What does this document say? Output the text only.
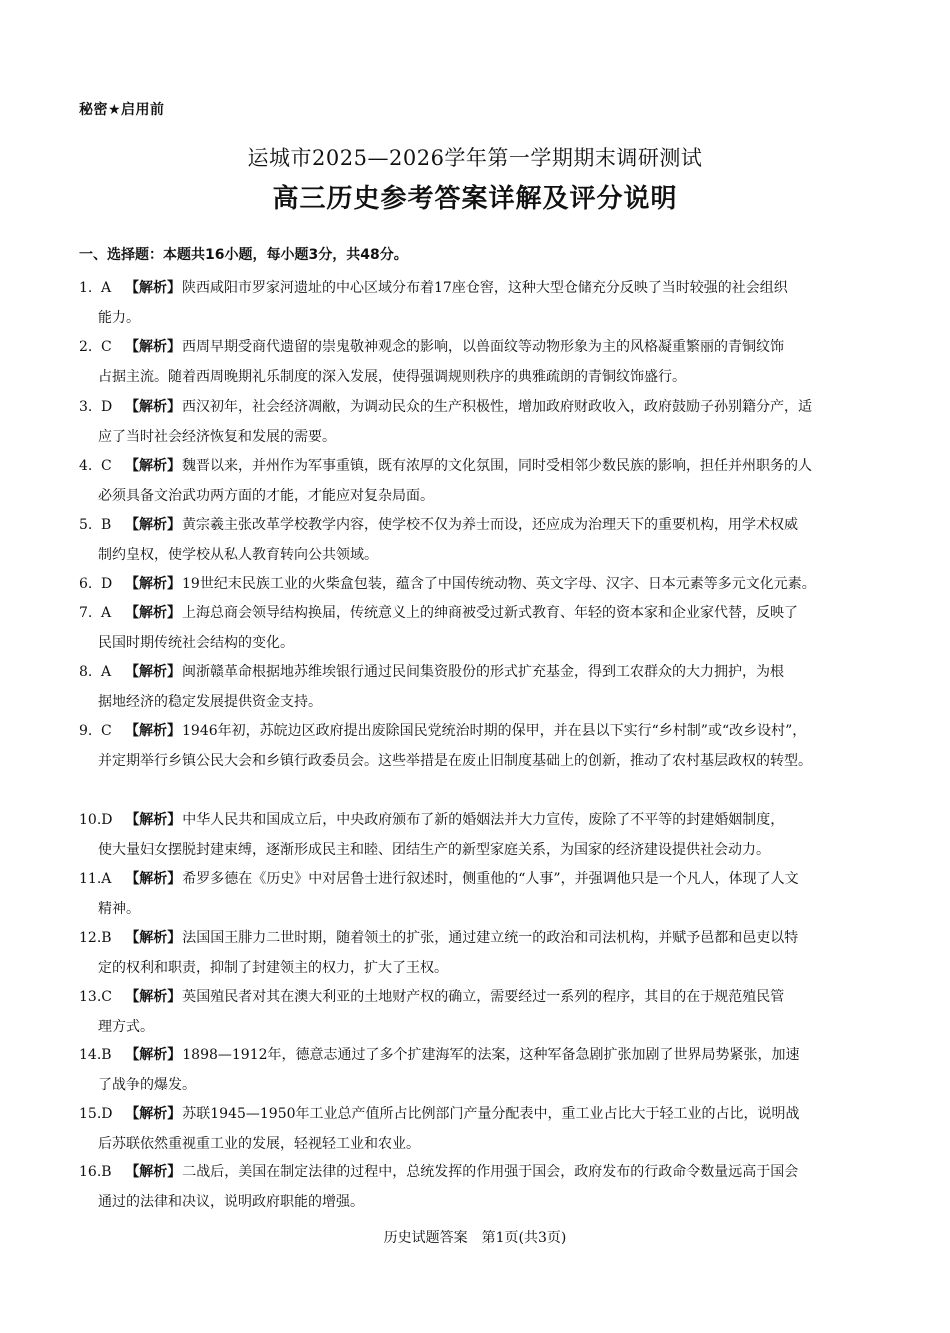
秘密★启用前
运城市2025—2026学年第一学期期末调研测试
高三历史参考答案详解及评分说明
一、选择题：本题共16小题，每小题3分，共48分。
1. A 【解析】 陕西咸阳市罗家河遗址的中心区域分布着17座仓窖，这种大型仓储充分反映了当时较强的社会组织
能力。
2. C 【解析】 西周早期受商代遗留的崇鬼敬神观念的影响，以兽面纹等动物形象为主的风格凝重繁丽的青铜纹饰
占据主流。随着西周晚期礼乐制度的深入发展，使得强调规则秩序的典雅疏朗的青铜纹饰盛行。
3. D 【解析】 西汉初年，社会经济凋敝，为调动民众的生产积极性，增加政府财政收入，政府鼓励子孙别籍分产，适
应了当时社会经济恢复和发展的需要。
4. C 【解析】 魏晋以来，并州作为军事重镇，既有浓厚的文化氛围，同时受相邻少数民族的影响，担任并州职务的人
必须具备文治武功两方面的才能，才能应对复杂局面。
5. B 【解析】 黄宗羲主张改革学校教学内容，使学校不仅为养士而设，还应成为治理天下的重要机构，用学术权威
制约皇权，使学校从私人教育转向公共领域。
6. D 【解析】 19世纪末民族工业的火柴盒包装，蕴含了中国传统动物、英文字母、汉字、日本元素等多元文化元素。
7. A 【解析】 上海总商会领导结构换届，传统意义上的绅商被受过新式教育、年轻的资本家和企业家代替，反映了
民国时期传统社会结构的变化。
8. A 【解析】 闽浙赣革命根据地苏维埃银行通过民间集资股份的形式扩充基金，得到工农群众的大力拥护，为根
据地经济的稳定发展提供资金支持。
9. C 【解析】 1946年初，苏皖边区政府提出废除国民党统治时期的保甲，并在县以下实行“乡村制”或“改乡设村”，
并定期举行乡镇公民大会和乡镇行政委员会。这些举措是在废止旧制度基础上的创新，推动了农村基层政权的转型。
10. D 【解析】 中华人民共和国成立后，中央政府颁布了新的婚姻法并大力宣传，废除了不平等的封建婚姻制度，
使大量妇女摆脱封建束缚，逐渐形成民主和睦、团结生产的新型家庭关系，为国家的经济建设提供社会动力。
11. A 【解析】 希罗多德在《历史》中对居鲁士进行叙述时，侧重他的“人事”，并强调他只是一个凡人，体现了人文
精神。
12. B 【解析】 法国国王腓力二世时期，随着领土的扩张，通过建立统一的政治和司法机构，并赋予邑都和邑吏以特
定的权利和职责，抑制了封建领主的权力，扩大了王权。
13. C 【解析】 英国殖民者对其在澳大利亚的土地财产权的确立，需要经过一系列的程序，其目的在于规范殖民管
理方式。
14. B 【解析】 1898—1912年，德意志通过了多个扩建海军的法案，这种军备急剧扩张加剧了世界局势紧张，加速
了战争的爆发。
15. D 【解析】 苏联1945—1950年工业总产值所占比例部门产量分配表中，重工业占比大于轻工业的占比，说明战
后苏联依然重视重工业的发展，轻视轻工业和农业。
16. B 【解析】 二战后，美国在制定法律的过程中，总统发挥的作用强于国会，政府发布的行政命令数量远高于国会
通过的法律和决议，说明政府职能的增强。
历史试题答案　第1页(共3页)
